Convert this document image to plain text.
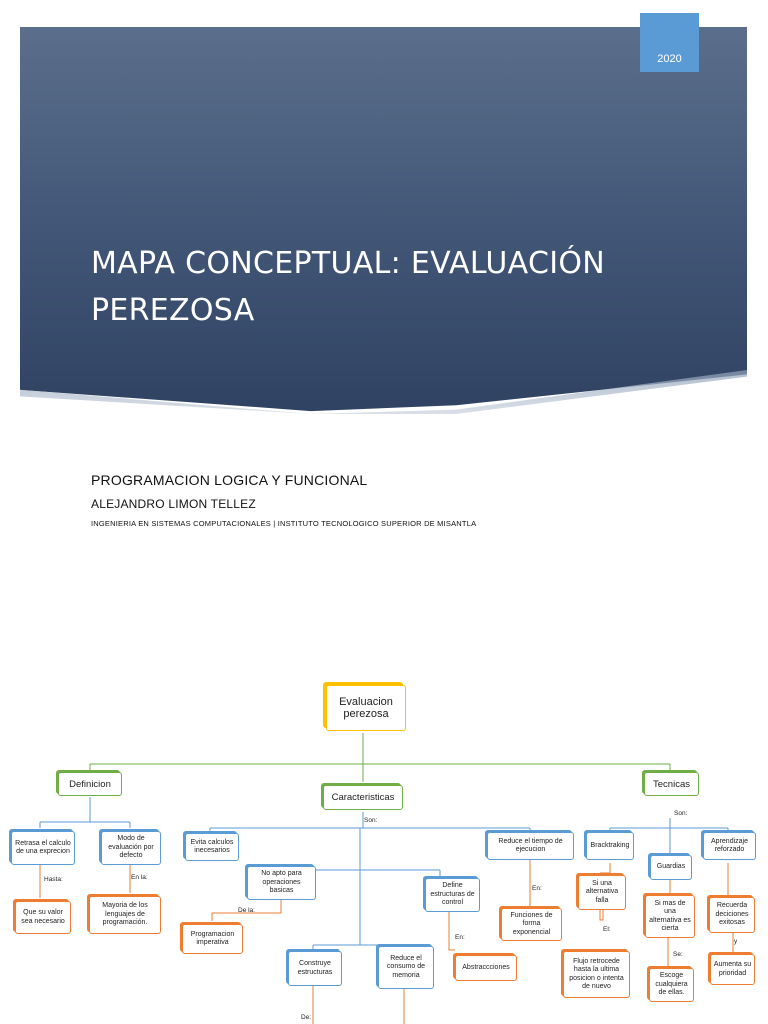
2020
MAPA CONCEPTUAL: EVALUACIÓN
PEREZOSA
PROGRAMACION LOGICA Y FUNCIONAL
ALEJANDRO LIMON TELLEZ
INGENIERIA EN SISTEMAS COMPUTACIONALES | INSTITUTO TECNOLOGICO SUPERIOR DE MISANTLA
Evaluacion perezosa
Definicion
Caracteristicas
Tecnicas
Retrasa el calculo de una exprecion
Modo de evaluación por defecto
Que su valor sea necesario
Mayoria de los lenguajes de programación.
Evita calculos inecesarios
No apto para operaciones basicas
Programacion imperativa
Construye estructuras
Reduce el consumo de memoria
Define estructuras de control
Abstraccciones
Reduce el tiempo de ejecucion
Funciones de forma exponencial
Bracktraking
Si una alternativa falla
Flujo retrocede hasta la ultima posicion o intenta de nuevo
Guardias
Si mas de una alternativa es cierta
Escoge cualquiera de ellas.
Aprendizaje reforzado
Recuerda deciciones exitosas
Aumenta su prioridad
Son:
Son:
Hasta:	En la:
De la:
En:
En:
El:
Se:
y
De:
